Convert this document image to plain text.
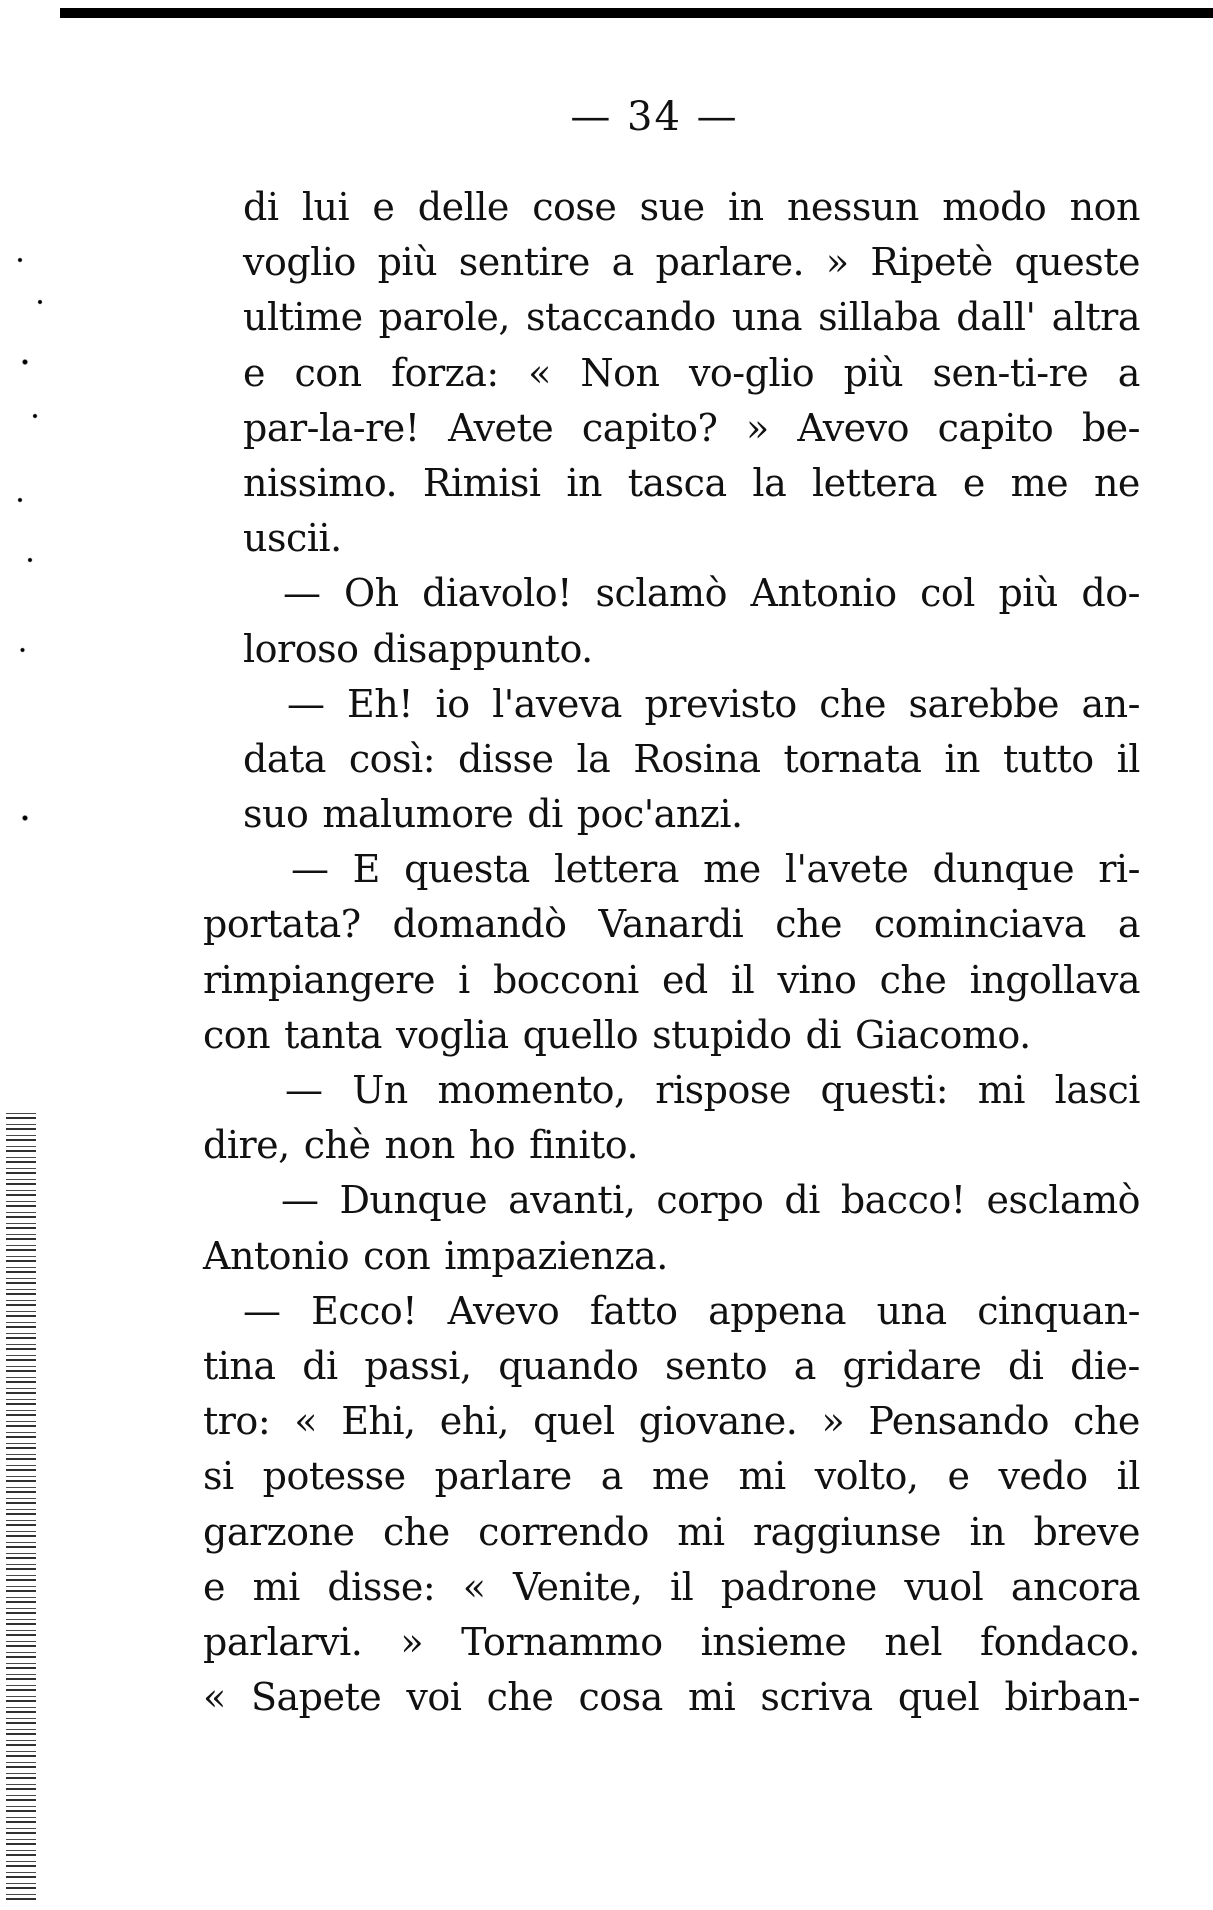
— 34 —
di lui e delle cose sue in nessun modo non
voglio più sentire a parlare. » Ripetè queste
ultime parole, staccando una sillaba dall' altra
e con forza: « Non vo-glio più sen-ti-re a
par-la-re! Avete capito? » Avevo capito be-
nissimo. Rimisi in tasca la lettera e me ne
uscii.
— Oh diavolo! sclamò Antonio col più do-
loroso disappunto.
— Eh! io l'aveva previsto che sarebbe an-
data così: disse la Rosina tornata in tutto il
suo malumore di poc'anzi.
— E questa lettera me l'avete dunque ri-
portata? domandò Vanardi che cominciava a
rimpiangere i bocconi ed il vino che ingollava
con tanta voglia quello stupido di Giacomo.
— Un momento, rispose questi: mi lasci
dire, chè non ho finito.
— Dunque avanti, corpo di bacco! esclamò
Antonio con impazienza.
— Ecco! Avevo fatto appena una cinquan-
tina di passi, quando sento a gridare di die-
tro: « Ehi, ehi, quel giovane. » Pensando che
si potesse parlare a me mi volto, e vedo il
garzone che correndo mi raggiunse in breve
e mi disse: « Venite, il padrone vuol ancora
parlarvi. » Tornammo insieme nel fondaco.
« Sapete voi che cosa mi scriva quel birban-
